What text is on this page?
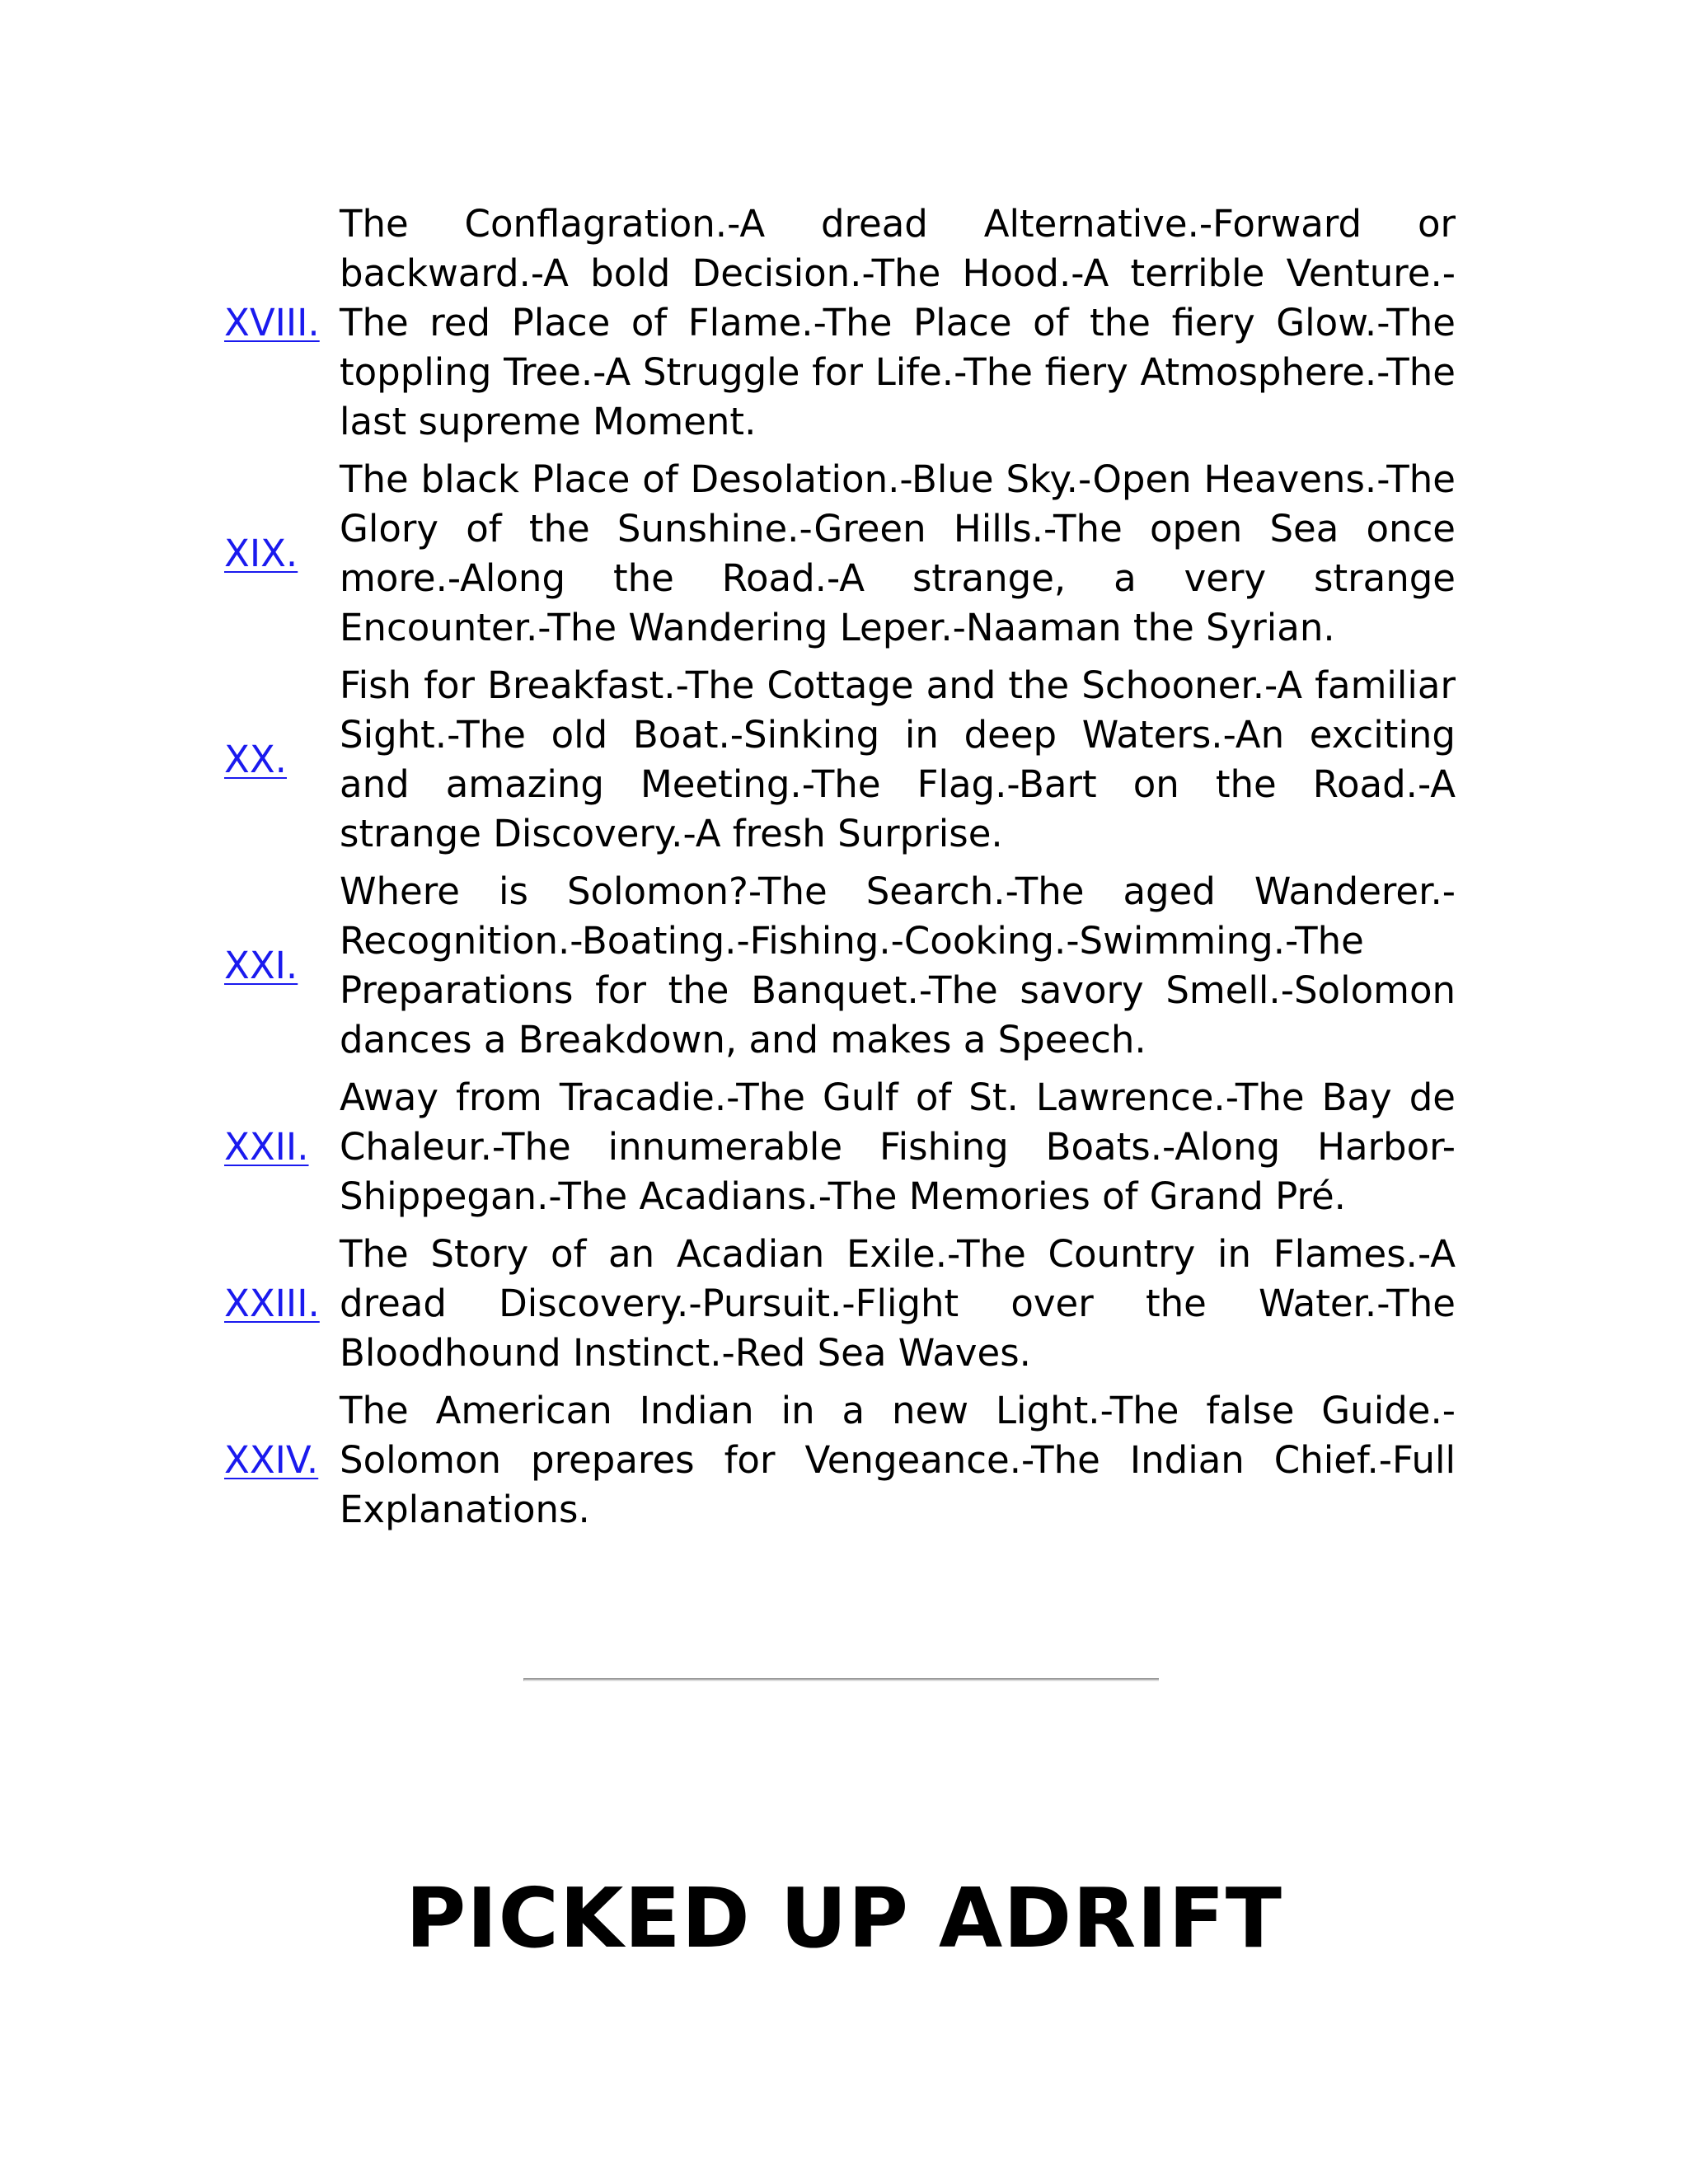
XVIII.	The Conflagration.-A dread Alternative.-Forward or backward.-A bold Decision.-The Hood.-A terrible Venture.-The red Place of Flame.-The Place of the fiery Glow.-The toppling Tree.-A Struggle for Life.-The fiery Atmosphere.-The last supreme Moment.
XIX.	The black Place of Desolation.-Blue Sky.-Open Heavens.-The Glory of the Sunshine.-Green Hills.-The open Sea once more.-Along the Road.-A strange, a very strange Encounter.-The Wandering Leper.-Naaman the Syrian.
XX.	Fish for Breakfast.-The Cottage and the Schooner.-A familiar Sight.-The old Boat.-Sinking in deep Waters.-An exciting and amazing Meeting.-The Flag.-Bart on the Road.-A strange Discovery.-A fresh Surprise.
XXI.	Where is Solomon?-The Search.-The aged Wanderer.- Recognition.-Boating.-Fishing.-Cooking.-Swimming.-The Preparations for the Banquet.-The savory Smell.-Solomon dances a Breakdown, and makes a Speech.
XXII.	Away from Tracadie.-The Gulf of St. Lawrence.-The Bay de Chaleur.-The innumerable Fishing Boats.-Along Harbor-Shippegan.-The Acadians.-The Memories of Grand Pré.
XXIII.	The Story of an Acadian Exile.-The Country in Flames.-A dread Discovery.-Pursuit.-Flight over the Water.-The Bloodhound Instinct.-Red Sea Waves.
XXIV.	The American Indian in a new Light.-The false Guide.-Solomon prepares for Vengeance.-The Indian Chief.-Full Explanations.
PICKED UP ADRIFT
